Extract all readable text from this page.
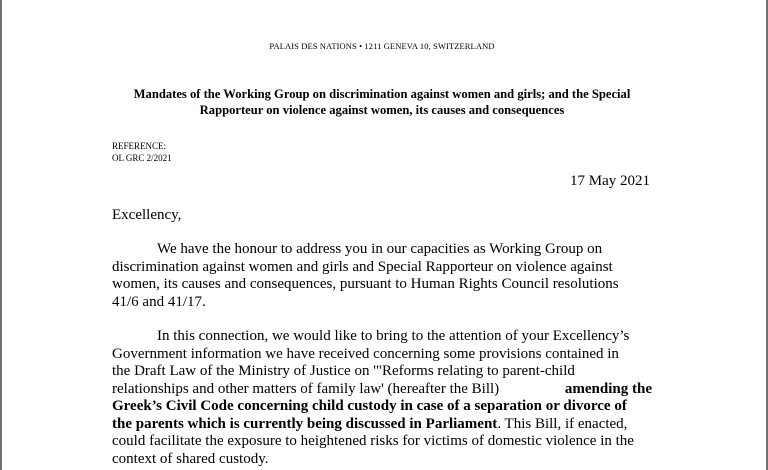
PALAIS DES NATIONS • 1211 GENEVA 10, SWITZERLAND
Mandates of the Working Group on discrimination against women and girls; and the Special
Rapporteur on violence against women, its causes and consequences
REFERENCE:
OL GRC 2/2021
17 May 2021
Excellency,
We have the honour to address you in our capacities as Working Group on
discrimination against women and girls and Special Rapporteur on violence against
women, its causes and consequences, pursuant to Human Rights Council resolutions
41/6 and 41/17.
In this connection, we would like to bring to the attention of your Excellency’s
Government information we have received concerning some provisions contained in
the Draft Law of the Ministry of Justice on '"Reforms relating to parent-child
relationships and other matters of family law' (hereafter the Bill)	amending the
Greek’s Civil Code concerning child custody in case of a separation or divorce of
the parents which is currently being discussed in Parliament. This Bill, if enacted,
could facilitate the exposure to heightened risks for victims of domestic violence in the
context of shared custody.
